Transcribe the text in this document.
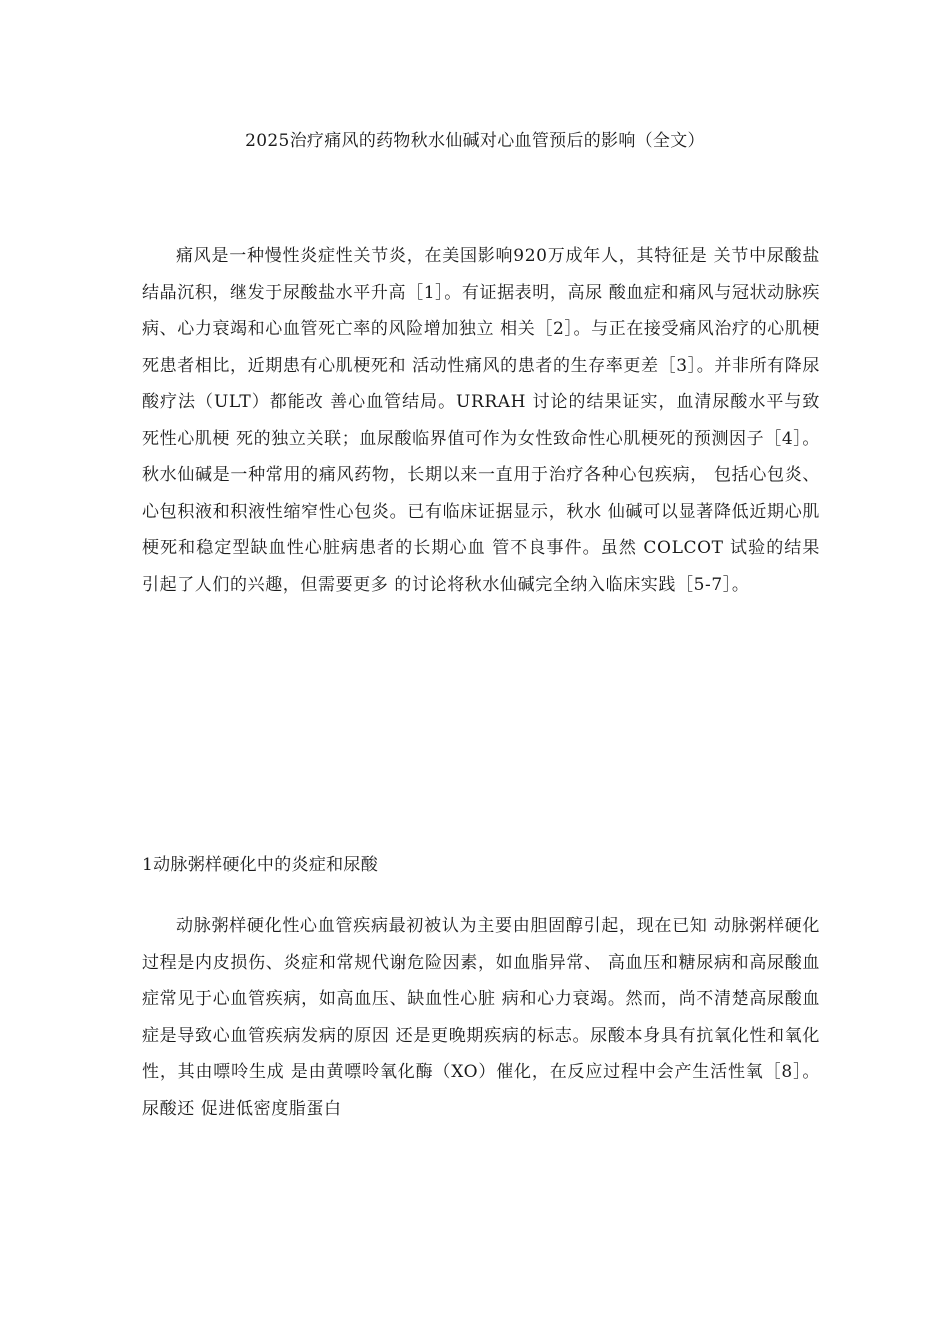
2025治疗痛风的药物秋水仙碱对心血管预后的影响（全文）

痛风是一种慢性炎症性关节炎，在美国影响920万成年人，其特征是 关节中尿酸盐结晶沉积，继发于尿酸盐水平升高［1］。有证据表明，高尿 酸血症和痛风与冠状动脉疾病、心力衰竭和心血管死亡率的风险增加独立 相关［2］。与正在接受痛风治疗的心肌梗死患者相比，近期患有心肌梗死和 活动性痛风的患者的生存率更差［3］。并非所有降尿酸疗法（ULT）都能改 善心血管结局。URRAH 讨论的结果证实，血清尿酸水平与致死性心肌梗 死的独立关联；血尿酸临界值可作为女性致命性心肌梗死的预测因子［4］。 秋水仙碱是一种常用的痛风药物，长期以来一直用于治疗各种心包疾病， 包括心包炎、心包积液和积液性缩窄性心包炎。已有临床证据显示，秋水 仙碱可以显著降低近期心肌梗死和稳定型缺血性心脏病患者的长期心血 管不良事件。虽然 COLCOT 试验的结果引起了人们的兴趣，但需要更多 的讨论将秋水仙碱完全纳入临床实践［5-7］。

1动脉粥样硬化中的炎症和尿酸

动脉粥样硬化性心血管疾病最初被认为主要由胆固醇引起，现在已知 动脉粥样硬化过程是内皮损伤、炎症和常规代谢危险因素，如血脂异常、 高血压和糖尿病和高尿酸血症常见于心血管疾病，如高血压、缺血性心脏 病和心力衰竭。然而，尚不清楚高尿酸血症是导致心血管疾病发病的原因 还是更晚期疾病的标志。尿酸本身具有抗氧化性和氧化性，其由嘌呤生成 是由黄嘌呤氧化酶（XO）催化，在反应过程中会产生活性氧［8］。尿酸还 促进低密度脂蛋白
